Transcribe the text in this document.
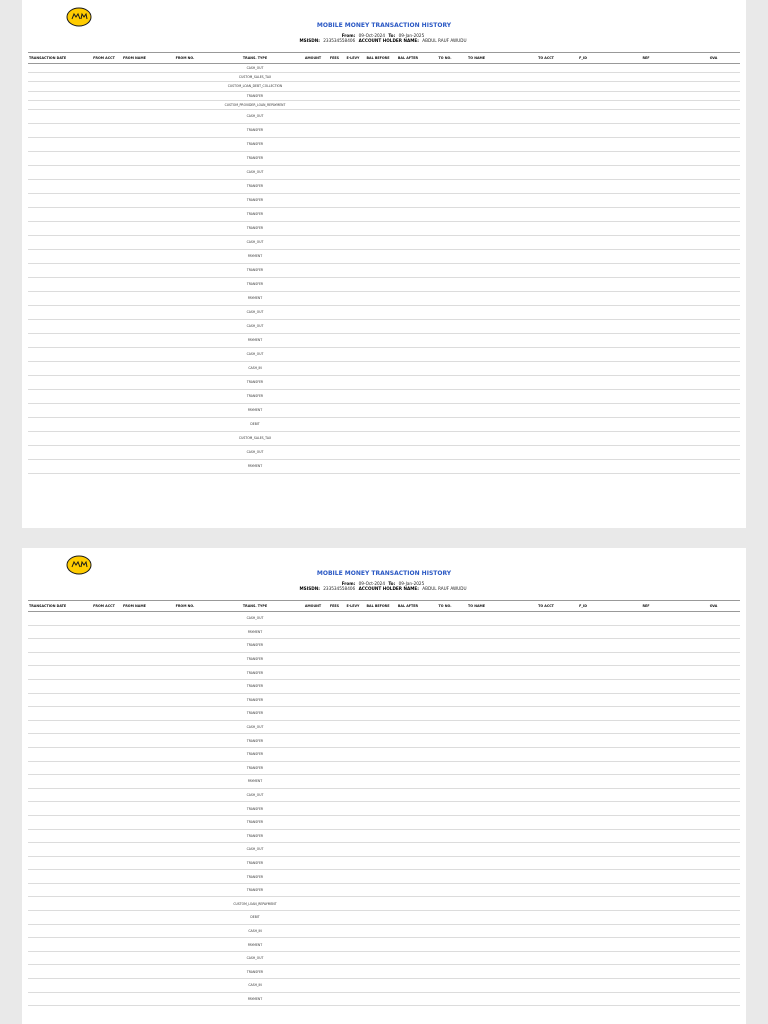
MOBILE MONEY TRANSACTION HISTORY
From: 09-Oct-2024 To: 09-Jan-2025
MSISDN: 233534558406 ACCOUNT HOLDER NAME: ABDUL RAUF AWUDU
TRANSACTION DATE	FROM ACCT	FROM NAME	FROM NO.	TRANS. TYPE	AMOUNT	FEES	E-LEVY	BAL BEFORE	BAL AFTER	TO NO.	TO NAME	TO ACCT	F_ID	REF	OVA
				CASH_OUT											
				CUSTOM_SALES_TAX											
				CUSTOM_LOAN_DEBT_COLLECTION											
				TRANSFER											
				CUSTOM_PROVIDER_LOAN_REPAYMENT											
				CASH_OUT											
				TRANSFER											
				TRANSFER											
				TRANSFER											
				CASH_OUT											
				TRANSFER											
				TRANSFER											
				TRANSFER											
				TRANSFER											
				CASH_OUT											
				PAYMENT											
				TRANSFER											
				TRANSFER											
				PAYMENT											
				CASH_OUT											
				CASH_OUT											
				PAYMENT											
				CASH_OUT											
				CASH_IN											
				TRANSFER											
				TRANSFER											
				PAYMENT											
				DEBIT											
				CUSTOM_SALES_TAX											
				CASH_OUT											
				PAYMENT											
MOBILE MONEY TRANSACTION HISTORY
From: 09-Oct-2024 To: 09-Jan-2025
MSISDN: 233534558406 ACCOUNT HOLDER NAME: ABDUL RAUF AWUDU
TRANSACTION DATE	FROM ACCT	FROM NAME	FROM NO.	TRANS. TYPE	AMOUNT	FEES	E-LEVY	BAL BEFORE	BAL AFTER	TO NO.	TO NAME	TO ACCT	F_ID	REF	OVA
				CASH_OUT											
				PAYMENT											
				TRANSFER											
				TRANSFER											
				TRANSFER											
				TRANSFER											
				TRANSFER											
				TRANSFER											
				CASH_OUT											
				TRANSFER											
				TRANSFER											
				TRANSFER											
				PAYMENT											
				CASH_OUT											
				TRANSFER											
				TRANSFER											
				TRANSFER											
				CASH_OUT											
				TRANSFER											
				TRANSFER											
				TRANSFER											
				CUSTOM_LOAN_REPAYMENT											
				DEBIT											
				CASH_IN											
				PAYMENT											
				CASH_OUT											
				TRANSFER											
				CASH_IN											
				PAYMENT											
